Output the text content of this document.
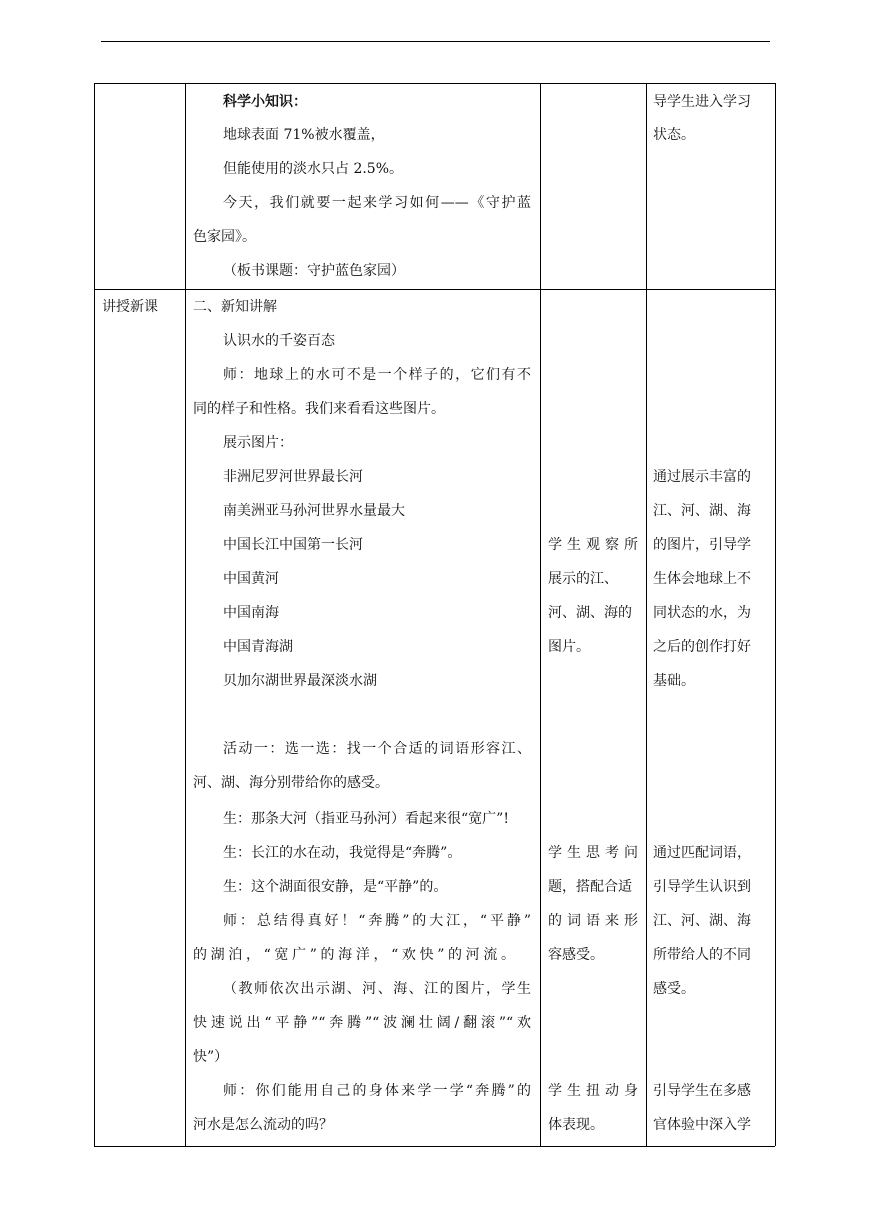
科学小知识：
地球表面 71%被水覆盖，
但能使用的淡水只占 2.5%。
今天，我们就要一起来学习如何——《守护蓝
色家园》。
（板书课题：守护蓝色家园）
导学生进入学习
状态。
讲授新课	二、新知讲解
认识水的千姿百态
师：地球上的水可不是一个样子的，它们有不
同的样子和性格。我们来看看这些图片。
展示图片：
非洲尼罗河世界最长河
南美洲亚马孙河世界水量最大
中国长江中国第一长河
中国黄河
中国南海
中国青海湖
贝加尔湖世界最深淡水湖
活动一：选一选：找一个合适的词语形容江、
河、湖、海分别带给你的感受。
生：那条大河（指亚马孙河）看起来很“宽广”!
生：长江的水在动，我觉得是“奔腾”。
生：这个湖面很安静，是“平静”的。
师：总结得真好！“奔腾”的大江，“平静”
的湖泊，“宽广”的海洋，“欢快”的河流。
（教师依次出示湖、河、海、江的图片，学生
快速说出“平静”“奔腾”“波澜壮阔/翻滚”“欢
快”）
师：你们能用自己的身体来学一学“奔腾”的
河水是怎么流动的吗？
学生观察所
展示的江、
河、湖、海的
图片。
学生思考问
题，搭配合适
的词语来形
容感受。
学生扭动身
体表现。
通过展示丰富的
江、河、湖、海
的图片，引导学
生体会地球上不
同状态的水，为
之后的创作打好
基础。
通过匹配词语，
引导学生认识到
江、河、湖、海
所带给人的不同
感受。
引导学生在多感
官体验中深入学
